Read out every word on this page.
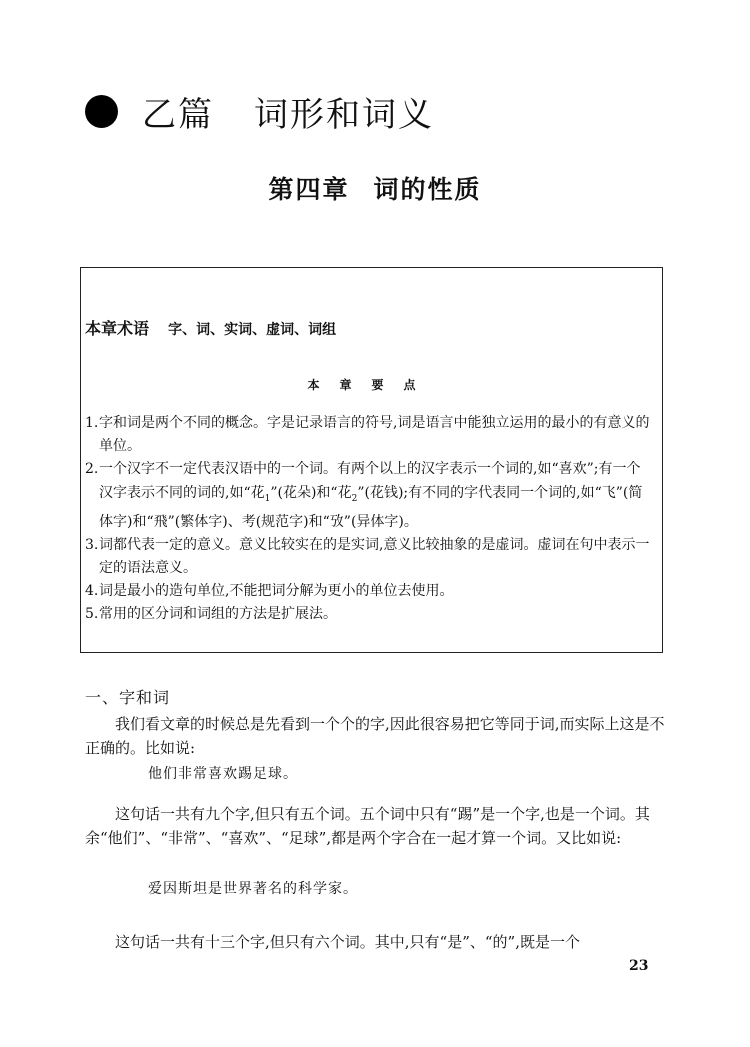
乙篇 词形和词义
第四章 词的性质
本章术语 字、词、实词、虚词、词组
本章要点
1. 字和词是两个不同的概念。字是记录语言的符号,词是语言中能独立运用的最小的有意义的单位。
2. 一个汉字不一定代表汉语中的一个词。有两个以上的汉字表示一个词的,如“喜欢”;有一个汉字表示不同的词的,如“花$_1$”(花朵)和“花$_2$”(花钱);有不同的字代表同一个词的,如“飞”(简体字)和“飛”(繁体字)、考(规范字)和“攷”(异体字)。
3. 词都代表一定的意义。意义比较实在的是实词,意义比较抽象的是虚词。虚词在句中表示一定的语法意义。
4. 词是最小的造句单位,不能把词分解为更小的单位去使用。
5. 常用的区分词和词组的方法是扩展法。
一、字和词

我们看文章的时候总是先看到一个个的字,因此很容易把它等同于词,而实际上这是不正确的。比如说:

他们非常喜欢踢足球。

这句话一共有九个字,但只有五个词。五个词中只有“踢”是一个字,也是一个词。其余“他们”、“非常”、“喜欢”、“足球”,都是两个字合在一起才算一个词。又比如说:

爱因斯坦是世界著名的科学家。

这句话一共有十三个字,但只有六个词。其中,只有“是”、“的”,既是一个

23
